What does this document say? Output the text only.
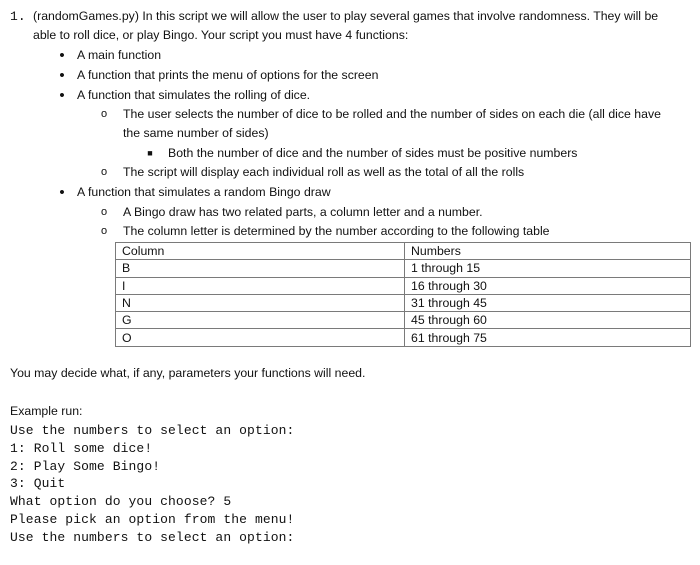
1. (randomGames.py) In this script we will allow the user to play several games that involve randomness. They will be
able to roll dice, or play Bingo. Your script you must have 4 functions:
• A main function
• A function that prints the menu of options for the screen
• A function that simulates the rolling of dice.
o The user selects the number of dice to be rolled and the number of sides on each die (all dice have
the same number of sides)
■ Both the number of dice and the number of sides must be positive numbers
o The script will display each individual roll as well as the total of all the rolls
• A function that simulates a random Bingo draw
o A Bingo draw has two related parts, a column letter and a number.
o The column letter is determined by the number according to the following table
Column	Numbers
B	1 through 15
I	16 through 30
N	31 through 45
G	45 through 60
O	61 through 75
You may decide what, if any, parameters your functions will need.
Example run:
Use the numbers to select an option:
1: Roll some dice!
2: Play Some Bingo!
3: Quit
What option do you choose? 5
Please pick an option from the menu!
Use the numbers to select an option:
